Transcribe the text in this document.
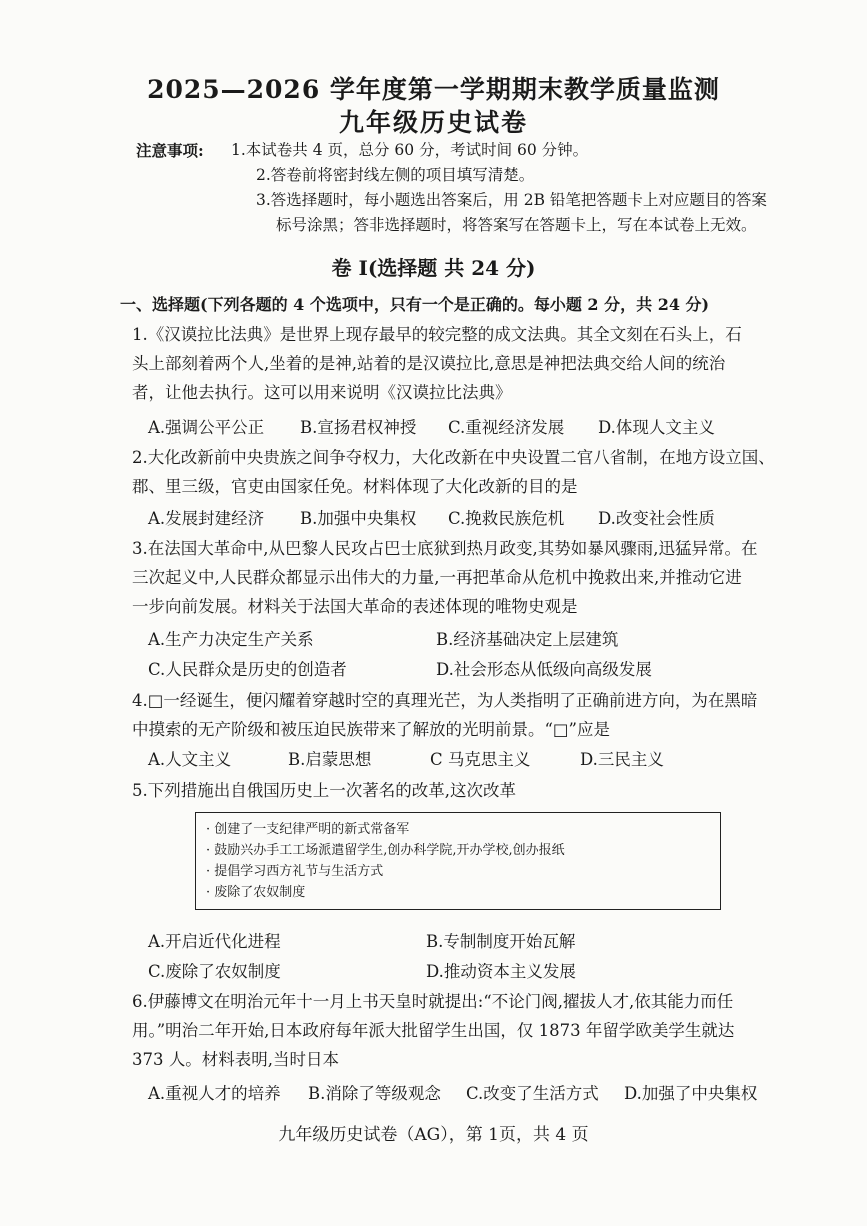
2025—2026 学年度第一学期期末教学质量监测
九年级历史试卷
注意事项: 1.本试卷共 4 页，总分 60 分，考试时间 60 分钟。
2.答卷前将密封线左侧的项目填写清楚。
3.答选择题时，每小题选出答案后，用 2B 铅笔把答题卡上对应题目的答案
标号涂黑；答非选择题时，将答案写在答题卡上，写在本试卷上无效。
卷 I(选择题 共 24 分)
一、选择题(下列各题的 4 个选项中，只有一个是正确的。每小题 2 分，共 24 分)
1.《汉谟拉比法典》是世界上现存最早的较完整的成文法典。其全文刻在石头上，石
头上部刻着两个人,坐着的是神,站着的是汉谟拉比,意思是神把法典交给人间的统治
者，让他去执行。这可以用来说明《汉谟拉比法典》
A.强调公平公正 B.宣扬君权神授 C.重视经济发展 D.体现人文主义
2.大化改新前中央贵族之间争夺权力，大化改新在中央设置二官八省制，在地方设立国、
郡、里三级，官吏由国家任免。材料体现了大化改新的目的是
A.发展封建经济 B.加强中央集权 C.挽救民族危机 D.改变社会性质
3.在法国大革命中,从巴黎人民攻占巴士底狱到热月政变,其势如暴风骤雨,迅猛异常。在
三次起义中,人民群众都显示出伟大的力量,一再把革命从危机中挽救出来,并推动它进
一步向前发展。材料关于法国大革命的表述体现的唯物史观是
A.生产力决定生产关系	B.经济基础决定上层建筑
C.人民群众是历史的创造者	D.社会形态从低级向高级发展
4.□一经诞生，便闪耀着穿越时空的真理光芒，为人类指明了正确前进方向，为在黑暗
中摸索的无产阶级和被压迫民族带来了解放的光明前景。“□”应是
A.人文主义	B.启蒙思想	C 马克思主义	D.三民主义
5.下列措施出自俄国历史上一次著名的改革,这次改革
· 创建了一支纪律严明的新式常备军
· 鼓励兴办手工工场派遣留学生,创办科学院,开办学校,创办报纸
· 提倡学习西方礼节与生活方式
· 废除了农奴制度
A.开启近代化进程	B.专制制度开始瓦解
C.废除了农奴制度	D.推动资本主义发展
6.伊藤博文在明治元年十一月上书天皇时就提出:“不论门阀,擢拔人才,依其能力而任
用。”明治二年开始,日本政府每年派大批留学生出国，仅 1873 年留学欧美学生就达
373 人。材料表明,当时日本
A.重视人才的培养 B.消除了等级观念 C.改变了生活方式 D.加强了中央集权
九年级历史试卷（AG），第 1页，共 4 页
